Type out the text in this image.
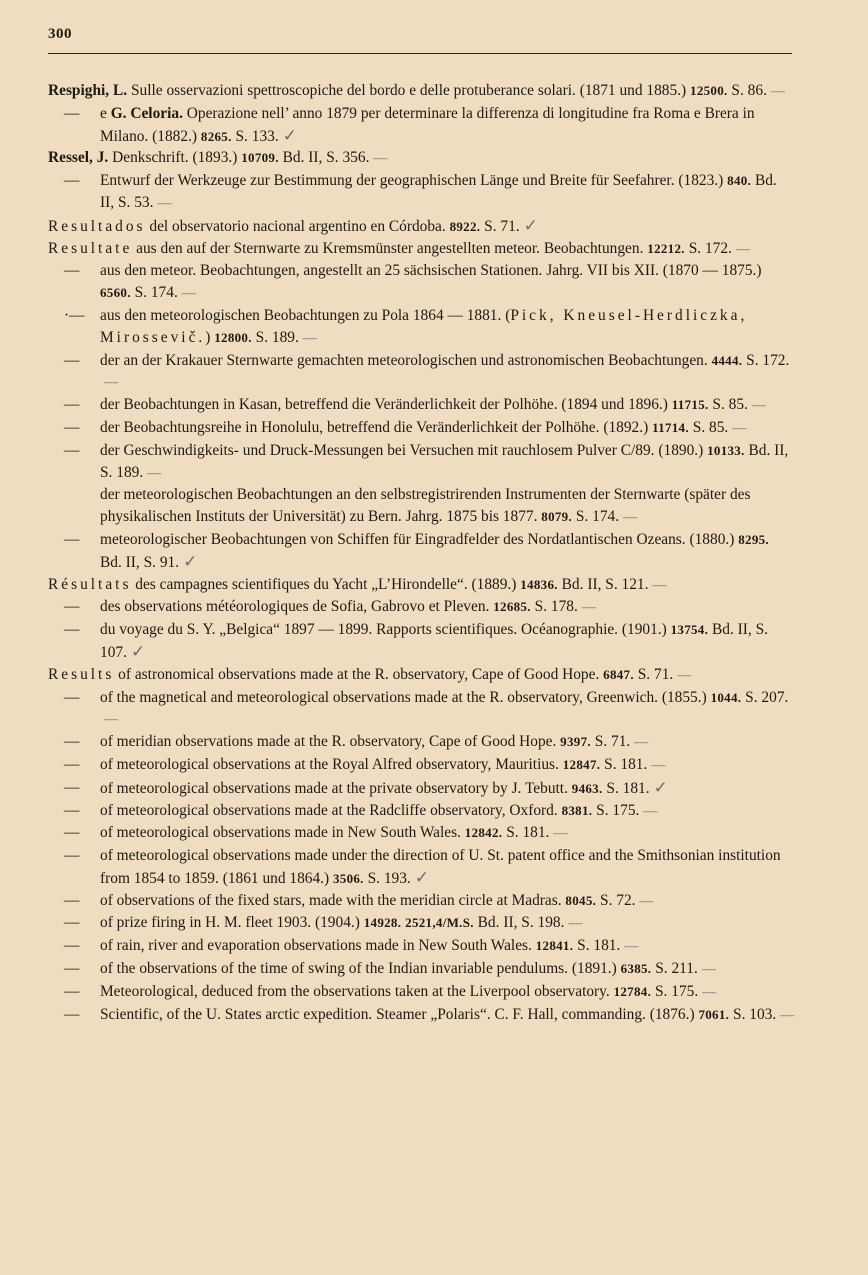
300
Respighi, L. Sulle osservazioni spettroscopiche del bordo e delle protuberance solari. (1871 und 1885.) 12500. S. 86. —
— e G. Celoria. Operazione nell’ anno 1879 per determinare la differenza di longitudine fra Roma e Brera in Milano. (1882.) 8265. S. 133. ✓
Ressel, J. Denkschrift. (1893.) 10709. Bd. II, S. 356. —
— Entwurf der Werkzeuge zur Bestimmung der geographischen Länge und Breite für Seefahrer. (1823.) 840. Bd. II, S. 53. —
Resultados del observatorio nacional argentino en Córdoba. 8922. S. 71. ✓
Resultate aus den auf der Sternwarte zu Kremsmünster angestellten meteor. Beobachtungen. 12212. S. 172. —
— aus den meteor. Beobachtungen, angestellt an 25 sächsischen Stationen. Jahrg. VII bis XII. (1870 — 1875.) 6560. S. 174. —
·— aus den meteorologischen Beobachtungen zu Pola 1864 — 1881. (Pick, Kneusel-Herdliczka, Mirossevič.) 12800. S. 189. —
— der an der Krakauer Sternwarte gemachten meteorologischen und astronomischen Beobachtungen. 4444. S. 172.—
— der Beobachtungen in Kasan, betreffend die Veränderlichkeit der Polhöhe. (1894 und 1896.) 11715. S. 85. —
— der Beobachtungsreihe in Honolulu, betreffend die Veränderlichkeit der Polhöhe. (1892.) 11714. S. 85. —
— der Geschwindigkeits- und Druck-Messungen bei Versuchen mit rauchlosem Pulver C/89. (1890.) 10133. Bd. II, S. 189. —
der meteorologischen Beobachtungen an den selbstregistrirenden Instrumenten der Sternwarte (später des physikalischen Instituts der Universität) zu Bern. Jahrg. 1875 bis 1877. 8079. S. 174. —
— meteorologischer Beobachtungen von Schiffen für Eingradfelder des Nordatlantischen Ozeans. (1880.) 8295. Bd. II, S. 91. ✓
Résultats des campagnes scientifiques du Yacht „L’Hirondelle“. (1889.) 14836. Bd. II, S. 121. —
— des observations météorologiques de Sofia, Gabrovo et Pleven. 12685. S. 178. —
— du voyage du S. Y. „Belgica“ 1897 — 1899. Rapports scientifiques. Océanographie. (1901.) 13754. Bd. II, S. 107. ✓
Results of astronomical observations made at the R. observatory, Cape of Good Hope. 6847. S. 71. —
— of the magnetical and meteorological observations made at the R. observatory, Greenwich. (1855.) 1044. S. 207.—
— of meridian observations made at the R. observatory, Cape of Good Hope. 9397. S. 71. —
— of meteorological observations at the Royal Alfred observatory, Mauritius. 12847. S. 181. —
— of meteorological observations made at the private observatory by J. Tebutt. 9463. S. 181. ✓
— of meteorological observations made at the Radcliffe observatory, Oxford. 8381. S. 175. —
— of meteorological observations made in New South Wales. 12842. S. 181. —
— of meteorological observations made under the direction of U. St. patent office and the Smithsonian institution from 1854 to 1859. (1861 und 1864.) 3506. S. 193. ✓
— of observations of the fixed stars, made with the meridian circle at Madras. 8045. S. 72. —
— of prize firing in H. M. fleet 1903. (1904.) 14928. 2521,4/M.S. Bd. II, S. 198. —
— of rain, river and evaporation observations made in New South Wales. 12841. S. 181. —
— of the observations of the time of swing of the Indian invariable pendulums. (1891.) 6385. S. 211. —
— Meteorological, deduced from the observations taken at the Liverpool observatory. 12784. S. 175. —
— Scientific, of the U. States arctic expedition. Steamer „Polaris“. C. F. Hall, commanding. (1876.) 7061. S. 103. —
